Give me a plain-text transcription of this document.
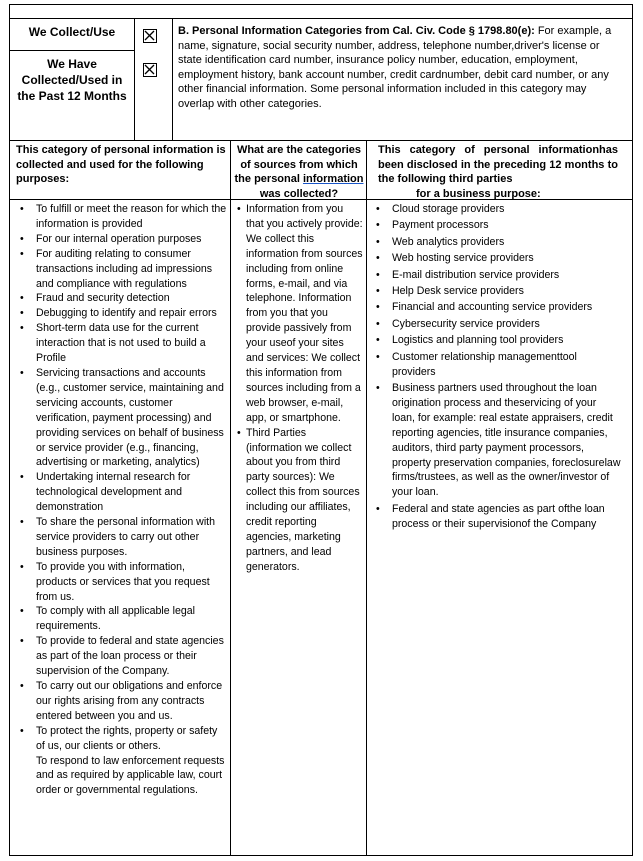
We Collect/Use
We Have Collected/Used in the Past 12 Months
B. Personal Information Categories from Cal. Civ. Code § 1798.80(e): For example, a name, signature, social security number, address, telephone number,driver's license or state identification card number, insurance policy number, education, employment, employment history, bank account number, credit cardnumber, debit card number, or any other financial information. Some personal information included in this category may overlap with other categories.
This category of personal information is collected and used for the following purposes:
What are the categories of sources from which the personal information was collected?
This category of personal informationhas been disclosed in the preceding 12 months to the following third parties
for a business purpose:
• To fulfill or meet the reason for which the information is provided
• For our internal operation purposes
• For auditing relating to consumer transactions including ad impressions and compliance with regulations
• Fraud and security detection
• Debugging to identify and repair errors
• Short-term data use for the current interaction that is not used to build a Profile
• Servicing transactions and accounts (e.g., customer service, maintaining and servicing accounts, customer verification, payment processing) and providing services on behalf of business or service provider (e.g., financing, advertising or marketing, analytics)
• Undertaking internal research for technological development and demonstration
• To share the personal information with service providers to carry out other business purposes.
• To provide you with information, products or services that you request from us.
• To comply with all applicable legal requirements.
• To provide to federal and state agencies as part of the loan process or their supervision of the Company.
• To carry out our obligations and enforce our rights arising from any contracts entered between you and us.
• To protect the rights, property or safety of us, our clients or others.
To respond to law enforcement requests and as required by applicable law, court order or governmental regulations.
• Information from you that you actively provide: We collect this information from sources including from online forms, e-mail, and via telephone. Information from you that you provide passively from your useof your sites and services: We collect this information from sources including from a web browser, e-mail, app, or smartphone.
• Third Parties (information we collect about you from third party sources): We collect this from sources including our affiliates, credit reporting agencies, marketing partners, and lead generators.
• Cloud storage providers
• Payment processors
• Web analytics providers
• Web hosting service providers
• E-mail distribution service providers
• Help Desk service providers
• Financial and accounting service providers
• Cybersecurity service providers
• Logistics and planning tool providers
• Customer relationship managementtool providers
• Business partners used throughout the loan origination process and theservicing of your loan, for example: real estate appraisers, credit reporting agencies, title insurance companies, auditors, third party payment processors, property preservation companies, foreclosurelaw firms/trustees, as well as the owner/investor of your loan.
• Federal and state agencies as part ofthe loan process or their supervisionof the Company
